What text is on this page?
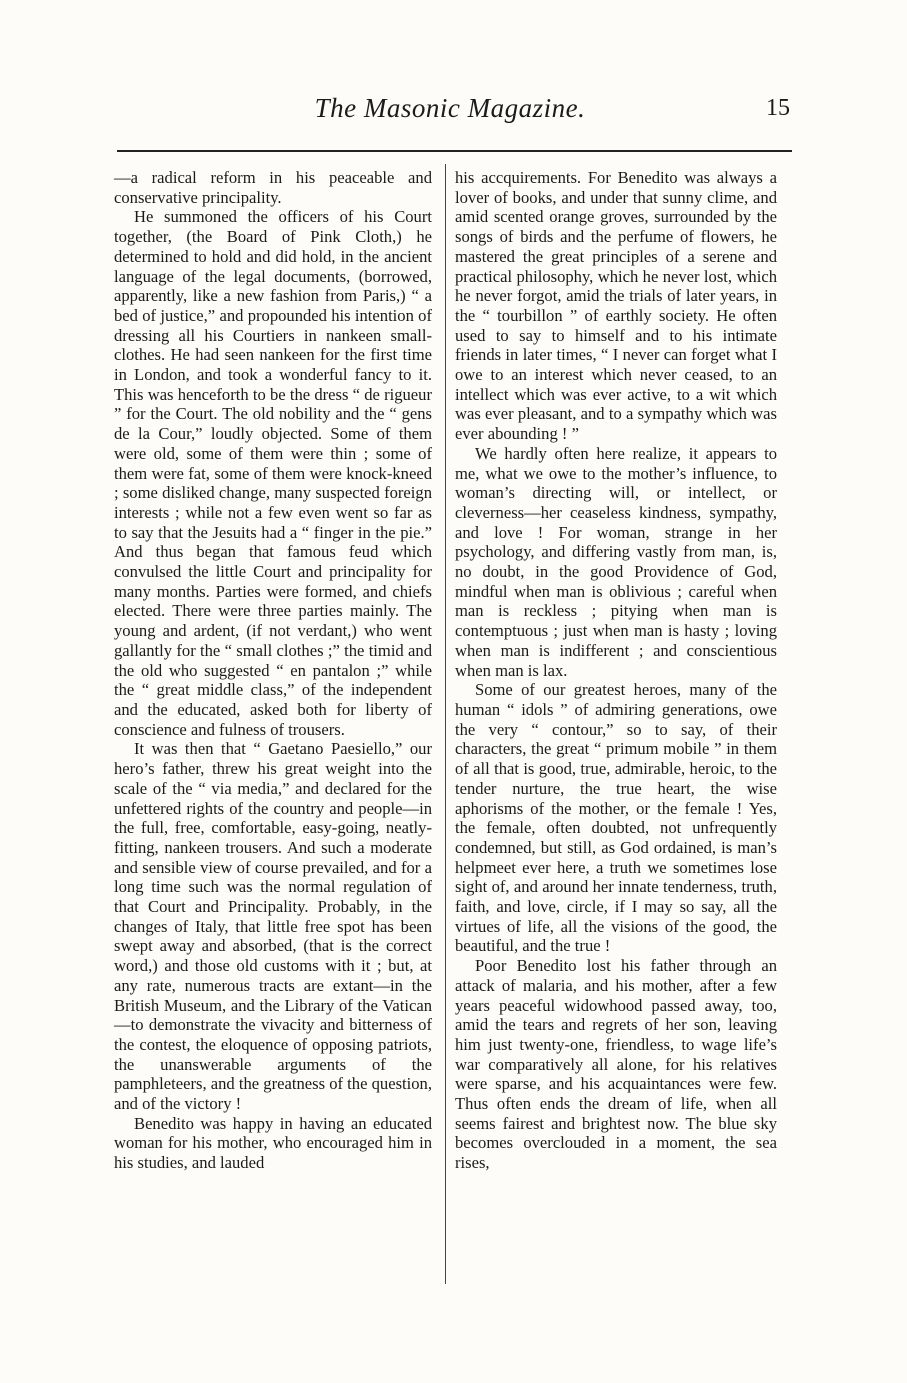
The Masonic Magazine.	15

—a radical reform in his peaceable and conservative principality.

He summoned the officers of his Court together, (the Board of Pink Cloth,) he determined to hold and did hold, in the ancient language of the legal documents, (borrowed, apparently, like a new fashion from Paris,) “ a bed of justice,” and propounded his intention of dressing all his Courtiers in nankeen small-clothes. He had seen nankeen for the first time in London, and took a wonderful fancy to it. This was henceforth to be the dress “ de rigueur ” for the Court. The old nobility and the “ gens de la Cour,” loudly objected. Some of them were old, some of them were thin ; some of them were fat, some of them were knock-kneed ; some disliked change, many suspected foreign interests ; while not a few even went so far as to say that the Jesuits had a “ finger in the pie.” And thus began that famous feud which convulsed the little Court and principality for many months. Parties were formed, and chiefs elected. There were three parties mainly. The young and ardent, (if not verdant,) who went gallantly for the “ small clothes ;” the timid and the old who suggested “ en pantalon ;” while the “ great middle class,” of the independent and the educated, asked both for liberty of conscience and fulness of trousers.

It was then that “ Gaetano Paesiello,” our hero’s father, threw his great weight into the scale of the “ via media,” and declared for the unfettered rights of the country and people—in the full, free, comfortable, easy-going, neatly-fitting, nankeen trousers. And such a moderate and sensible view of course prevailed, and for a long time such was the normal regulation of that Court and Principality. Probably, in the changes of Italy, that little free spot has been swept away and absorbed, (that is the correct word,) and those old customs with it ; but, at any rate, numerous tracts are extant—in the British Museum, and the Library of the Vatican—to demonstrate the vivacity and bitterness of the contest, the eloquence of opposing patriots, the unanswerable arguments of the pamphleteers, and the greatness of the question, and of the victory !

Benedito was happy in having an educated woman for his mother, who encouraged him in his studies, and lauded

his accquirements. For Benedito was always a lover of books, and under that sunny clime, and amid scented orange groves, surrounded by the songs of birds and the perfume of flowers, he mastered the great principles of a serene and practical philosophy, which he never lost, which he never forgot, amid the trials of later years, in the “ tourbillon ” of earthly society. He often used to say to himself and to his intimate friends in later times, “ I never can forget what I owe to an interest which never ceased, to an intellect which was ever active, to a wit which was ever pleasant, and to a sympathy which was ever abounding ! ”

We hardly often here realize, it appears to me, what we owe to the mother’s influence, to woman’s directing will, or intellect, or cleverness—her ceaseless kindness, sympathy, and love ! For woman, strange in her psychology, and differing vastly from man, is, no doubt, in the good Providence of God, mindful when man is oblivious ; careful when man is reckless ; pitying when man is contemptuous ; just when man is hasty ; loving when man is indifferent ; and conscientious when man is lax.

Some of our greatest heroes, many of the human “ idols ” of admiring generations, owe the very “ contour,” so to say, of their characters, the great “ primum mobile ” in them of all that is good, true, admirable, heroic, to the tender nurture, the true heart, the wise aphorisms of the mother, or the female ! Yes, the female, often doubted, not unfrequently condemned, but still, as God ordained, is man’s helpmeet ever here, a truth we sometimes lose sight of, and around her innate tenderness, truth, faith, and love, circle, if I may so say, all the virtues of life, all the visions of the good, the beautiful, and the true !

Poor Benedito lost his father through an attack of malaria, and his mother, after a few years peaceful widowhood passed away, too, amid the tears and regrets of her son, leaving him just twenty-one, friendless, to wage life’s war comparatively all alone, for his relatives were sparse, and his acquaintances were few. Thus often ends the dream of life, when all seems fairest and brightest now. The blue sky becomes overclouded in a moment, the sea rises,
